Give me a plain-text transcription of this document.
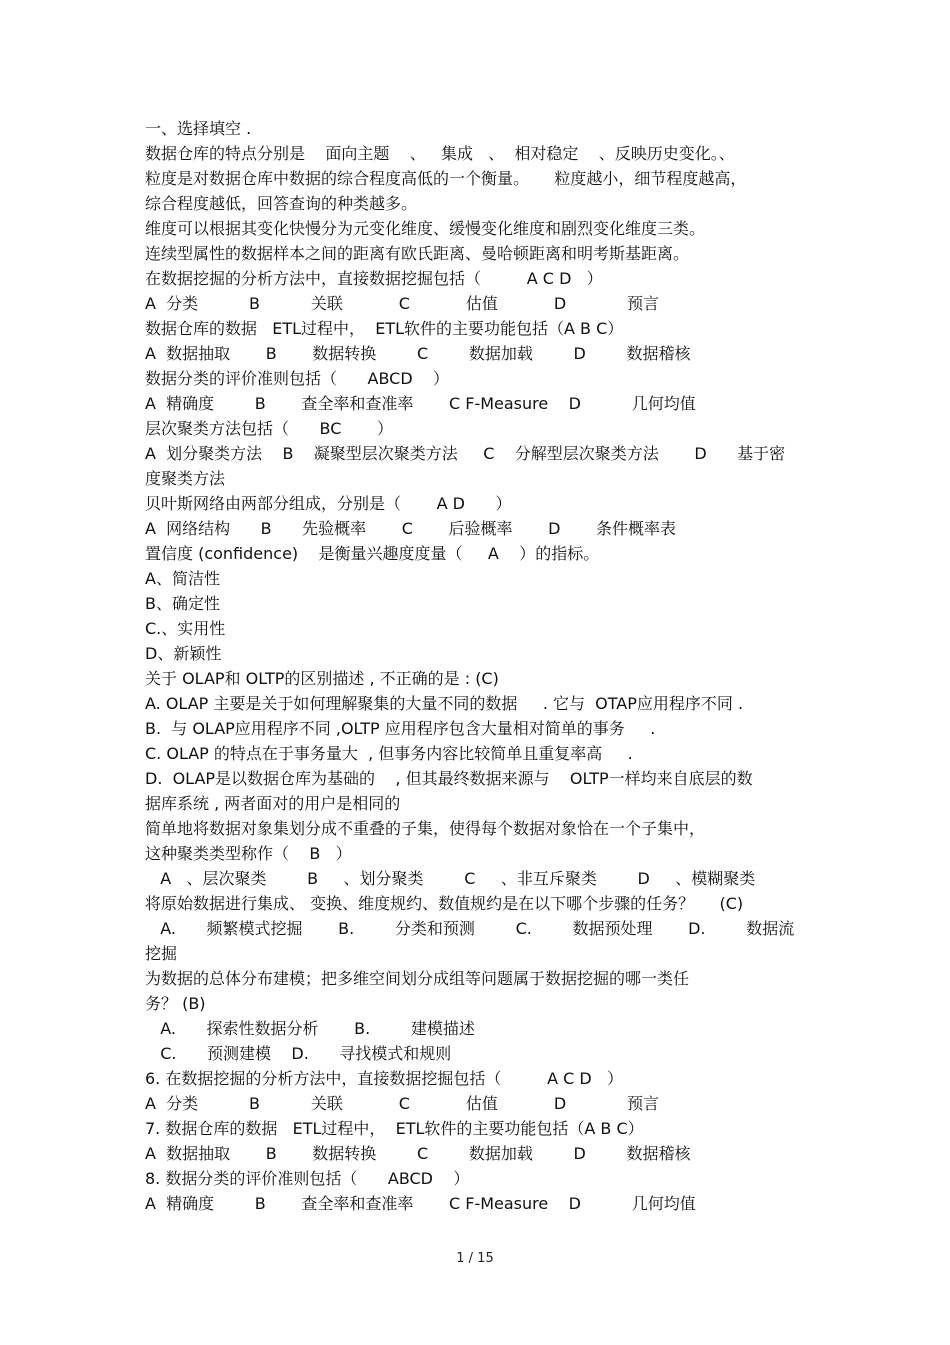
一、选择填空 .
数据仓库的特点分别是    面向主题    、   集成   、  相对稳定    、反映历史变化。、
粒度是对数据仓库中数据的综合程度高低的一个衡量。     粒度越小，细节程度越高，
综合程度越低，回答查询的种类越多。
维度可以根据其变化快慢分为元变化维度、缓慢变化维度和剧烈变化维度三类。
连续型属性的数据样本之间的距离有欧氏距离、曼哈顿距离和明考斯基距离。
在数据挖掘的分析方法中，直接数据挖掘包括（         A C D   ）
A  分类          B          关联           C           估值           D            预言
数据仓库的数据   ETL过程中，  ETL软件的主要功能包括（A B C）
A  数据抽取       B       数据转换        C        数据加载        D        数据稽核
数据分类的评价准则包括（      ABCD    ）
A  精确度        B       查全率和查准率       C F-Measure    D          几何均值
层次聚类方法包括（      BC       ）
A  划分聚类方法    B    凝聚型层次聚类方法     C    分解型层次聚类方法       D      基于密
度聚类方法
贝叶斯网络由两部分组成，分别是（       A D      ）
A  网络结构      B      先验概率       C       后验概率       D       条件概率表
置信度 (confidence)    是衡量兴趣度度量（     A    ）的指标。
A、简洁性
B、确定性
C.、实用性
D、新颖性
关于 OLAP和 OLTP的区别描述 , 不正确的是 : (C)
A. OLAP 主要是关于如何理解聚集的大量不同的数据     . 它与  OTAP应用程序不同 .
B.  与 OLAP应用程序不同 ,OLTP 应用程序包含大量相对简单的事务     .
C. OLAP 的特点在于事务量大  , 但事务内容比较简单且重复率高     .
D.  OLAP是以数据仓库为基础的    , 但其最终数据来源与    OLTP一样均来自底层的数
据库系统 , 两者面对的用户是相同的
简单地将数据对象集划分成不重叠的子集，使得每个数据对象恰在一个子集中，
这种聚类类型称作（    B   ）
A   、层次聚类        B     、划分聚类        C     、非互斥聚类        D     、模糊聚类
将原始数据进行集成、 变换、维度规约、数值规约是在以下哪个步骤的任务？     (C)
A.      频繁模式挖掘       B.        分类和预测        C.        数据预处理       D.        数据流
挖掘
为数据的总体分布建模；把多维空间划分成组等问题属于数据挖掘的哪一类任
务？ (B)
A.      探索性数据分析       B.        建模描述
C.      预测建模    D.      寻找模式和规则
6. 在数据挖掘的分析方法中，直接数据挖掘包括（         A C D   ）
A  分类          B          关联           C           估值           D            预言
7. 数据仓库的数据   ETL过程中，  ETL软件的主要功能包括（A B C）
A  数据抽取       B       数据转换        C        数据加载        D        数据稽核
8. 数据分类的评价准则包括（      ABCD    ）
A  精确度        B       查全率和查准率       C F-Measure    D          几何均值
1 / 15
